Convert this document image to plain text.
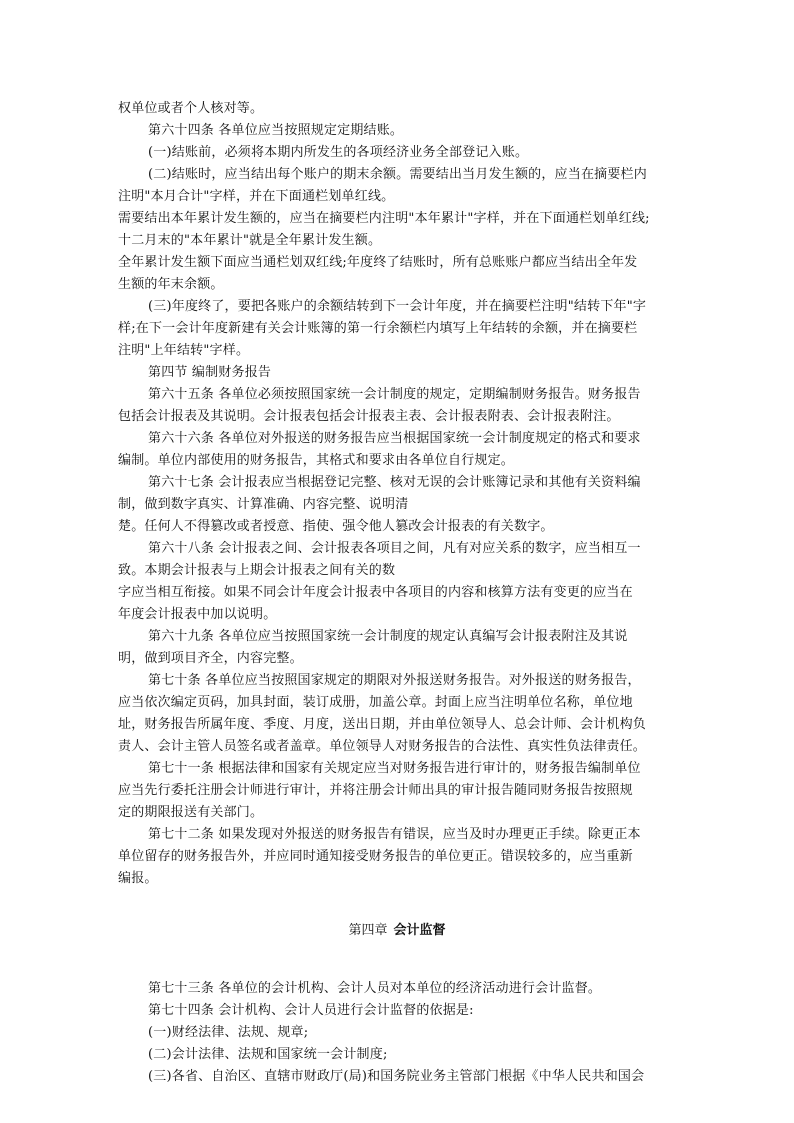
权单位或者个人核对等。
第六十四条 各单位应当按照规定定期结账。
(一)结账前，必须将本期内所发生的各项经济业务全部登记入账。
(二)结账时，应当结出每个账户的期末余额。需要结出当月发生额的，应当在摘要栏内
注明"本月合计"字样，并在下面通栏划单红线。
需要结出本年累计发生额的，应当在摘要栏内注明"本年累计"字样，并在下面通栏划单红线;
十二月末的"本年累计"就是全年累计发生额。
全年累计发生额下面应当通栏划双红线;年度终了结账时，所有总账账户都应当结出全年发
生额的年末余额。
(三)年度终了，要把各账户的余额结转到下一会计年度，并在摘要栏注明"结转下年"字
样;在下一会计年度新建有关会计账簿的第一行余额栏内填写上年结转的余额，并在摘要栏
注明"上年结转"字样。
第四节 编制财务报告
第六十五条 各单位必须按照国家统一会计制度的规定，定期编制财务报告。财务报告
包括会计报表及其说明。会计报表包括会计报表主表、会计报表附表、会计报表附注。
第六十六条 各单位对外报送的财务报告应当根据国家统一会计制度规定的格式和要求
编制。单位内部使用的财务报告，其格式和要求由各单位自行规定。
第六十七条 会计报表应当根据登记完整、核对无误的会计账簿记录和其他有关资料编
制，做到数字真实、计算准确、内容完整、说明清
楚。任何人不得篡改或者授意、指使、强令他人篡改会计报表的有关数字。
第六十八条 会计报表之间、会计报表各项目之间，凡有对应关系的数字，应当相互一
致。本期会计报表与上期会计报表之间有关的数
字应当相互衔接。如果不同会计年度会计报表中各项目的内容和核算方法有变更的应当在
年度会计报表中加以说明。
第六十九条 各单位应当按照国家统一会计制度的规定认真编写会计报表附注及其说
明，做到项目齐全，内容完整。
第七十条 各单位应当按照国家规定的期限对外报送财务报告。对外报送的财务报告，
应当依次编定页码，加具封面，装订成册，加盖公章。封面上应当注明单位名称，单位地
址，财务报告所属年度、季度、月度，送出日期，并由单位领导人、总会计师、会计机构负
责人、会计主管人员签名或者盖章。单位领导人对财务报告的合法性、真实性负法律责任。
第七十一条 根据法律和国家有关规定应当对财务报告进行审计的，财务报告编制单位
应当先行委托注册会计师进行审计，并将注册会计师出具的审计报告随同财务报告按照规
定的期限报送有关部门。
第七十二条 如果发现对外报送的财务报告有错误，应当及时办理更正手续。除更正本
单位留存的财务报告外，并应同时通知接受财务报告的单位更正。错误较多的，应当重新
编报。
第四章 会计监督
第七十三条 各单位的会计机构、会计人员对本单位的经济活动进行会计监督。
第七十四条 会计机构、会计人员进行会计监督的依据是:
(一)财经法律、法规、规章;
(二)会计法律、法规和国家统一会计制度;
(三)各省、自治区、直辖市财政厅(局)和国务院业务主管部门根据《中华人民共和国会
